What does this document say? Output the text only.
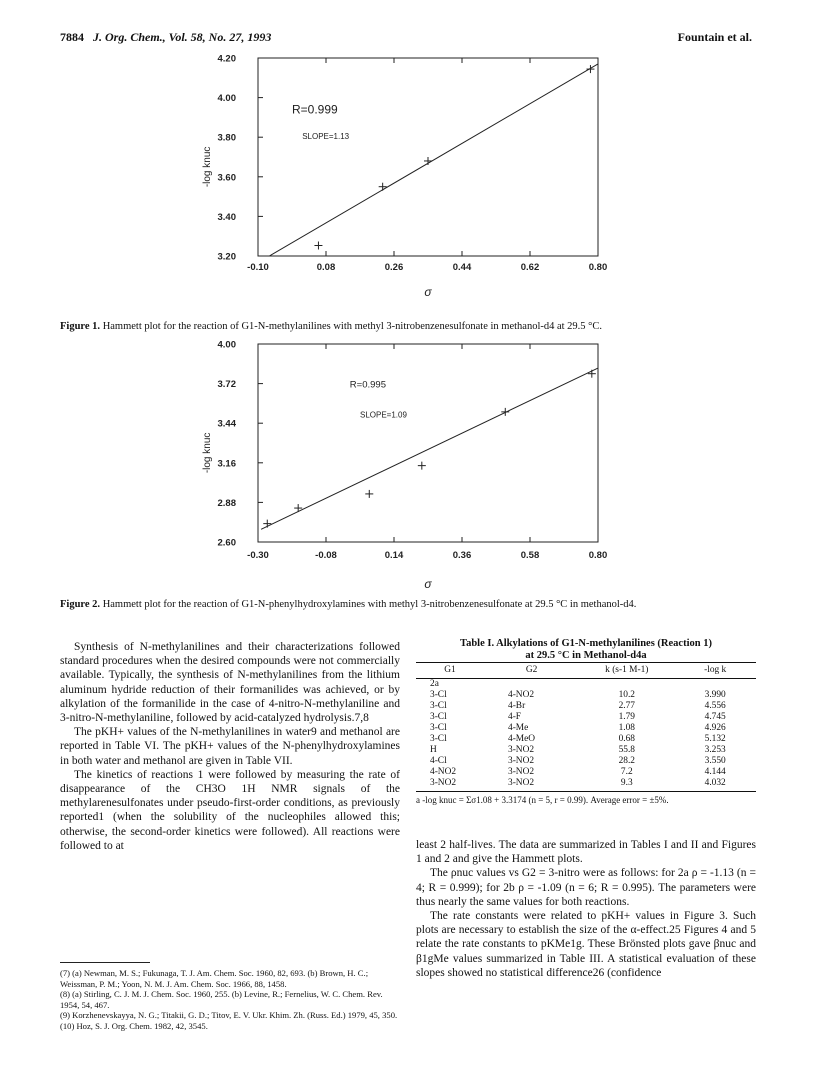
7884 J. Org. Chem., Vol. 58, No. 27, 1993	Fountain et al.
-0.10	0.08	0.26	0.44	0.62	0.80
3.20
3.40
3.60
3.80
4.00
4.20
-log knuc
σ
R=0.999
SLOPE=1.13
Figure 1. Hammett plot for the reaction of G1-N-methylanilines with methyl 3-nitrobenzenesulfonate in methanol-d4 at 29.5 °C.
-0.30	-0.08	0.14	0.36	0.58	0.80
2.60
2.88
3.16
3.44
3.72
4.00
-log knuc
σ
R=0.995
SLOPE=1.09
Figure 2. Hammett plot for the reaction of G1-N-phenylhydroxylamines with methyl 3-nitrobenzenesulfonate at 29.5 °C in methanol-d4.

Synthesis of N-methylanilines and their characterizations followed standard procedures when the desired compounds were not commercially available. Typically, the synthesis of N-methylanilines from the lithium aluminum hydride reduction of their formanilides was achieved, or by alkylation of the formanilide in the case of 4-nitro-N-methylaniline and 3-nitro-N-methylaniline, followed by acid-catalyzed hydrolysis.7,8

The pKH+ values of the N-methylanilines in water9 and methanol are reported in Table VI. The pKH+ values of the N-phenylhydroxylamines in both water and methanol are given in Table VII.

The kinetics of reactions 1 were followed by measuring the rate of disappearance of the CH3O 1H NMR signals of the methylarenesulfonates under pseudo-first-order conditions, as previously reported1 (when the solubility of the nucleophiles allowed this; otherwise, the second-order kinetics were followed). All reactions were followed to at

(7) (a) Newman, M. S.; Fukunaga, T. J. Am. Chem. Soc. 1960, 82, 693. (b) Brown, H. C.; Weissman, P. M.; Yoon, N. M. J. Am. Chem. Soc. 1966, 88, 1458.
(8) (a) Stirling, C. J. M. J. Chem. Soc. 1960, 255. (b) Levine, R.; Fernelius, W. C. Chem. Rev. 1954, 54, 467.
(9) Korzhenevskayya, N. G.; Titakii, G. D.; Titov, E. V. Ukr. Khim. Zh. (Russ. Ed.) 1979, 45, 350.
(10) Hoz, S. J. Org. Chem. 1982, 42, 3545.
Table I. Alkylations of G1-N-methylanilines (Reaction 1)
at 29.5 °C in Methanol-d4a
G1	G2	k (s-1 M-1)	-log k
2a			
3-Cl	4-NO2	10.2	3.990
3-Cl	4-Br	2.77	4.556
3-Cl	4-F	1.79	4.745
3-Cl	4-Me	1.08	4.926
3-Cl	4-MeO	0.68	5.132
H	3-NO2	55.8	3.253
4-Cl	3-NO2	28.2	3.550
4-NO2	3-NO2	7.2	4.144
3-NO2	3-NO2	9.3	4.032
a -log knuc = Σσ1.08 + 3.3174 (n = 5, r = 0.99). Average error = ±5%.

least 2 half-lives. The data are summarized in Tables I and II and Figures 1 and 2 and give the Hammett plots.

The ρnuc values vs G2 = 3-nitro were as follows: for 2a ρ = -1.13 (n = 4; R = 0.999); for 2b ρ = -1.09 (n = 6; R = 0.995). The parameters were thus nearly the same values for both reactions.

The rate constants were related to pKH+ values in Figure 3. Such plots are necessary to establish the size of the α-effect.25 Figures 4 and 5 relate the rate constants to pKMe1g. These Brönsted plots gave βnuc and β1gMe values summarized in Table III. A statistical evaluation of these slopes showed no statistical difference26 (confidence
